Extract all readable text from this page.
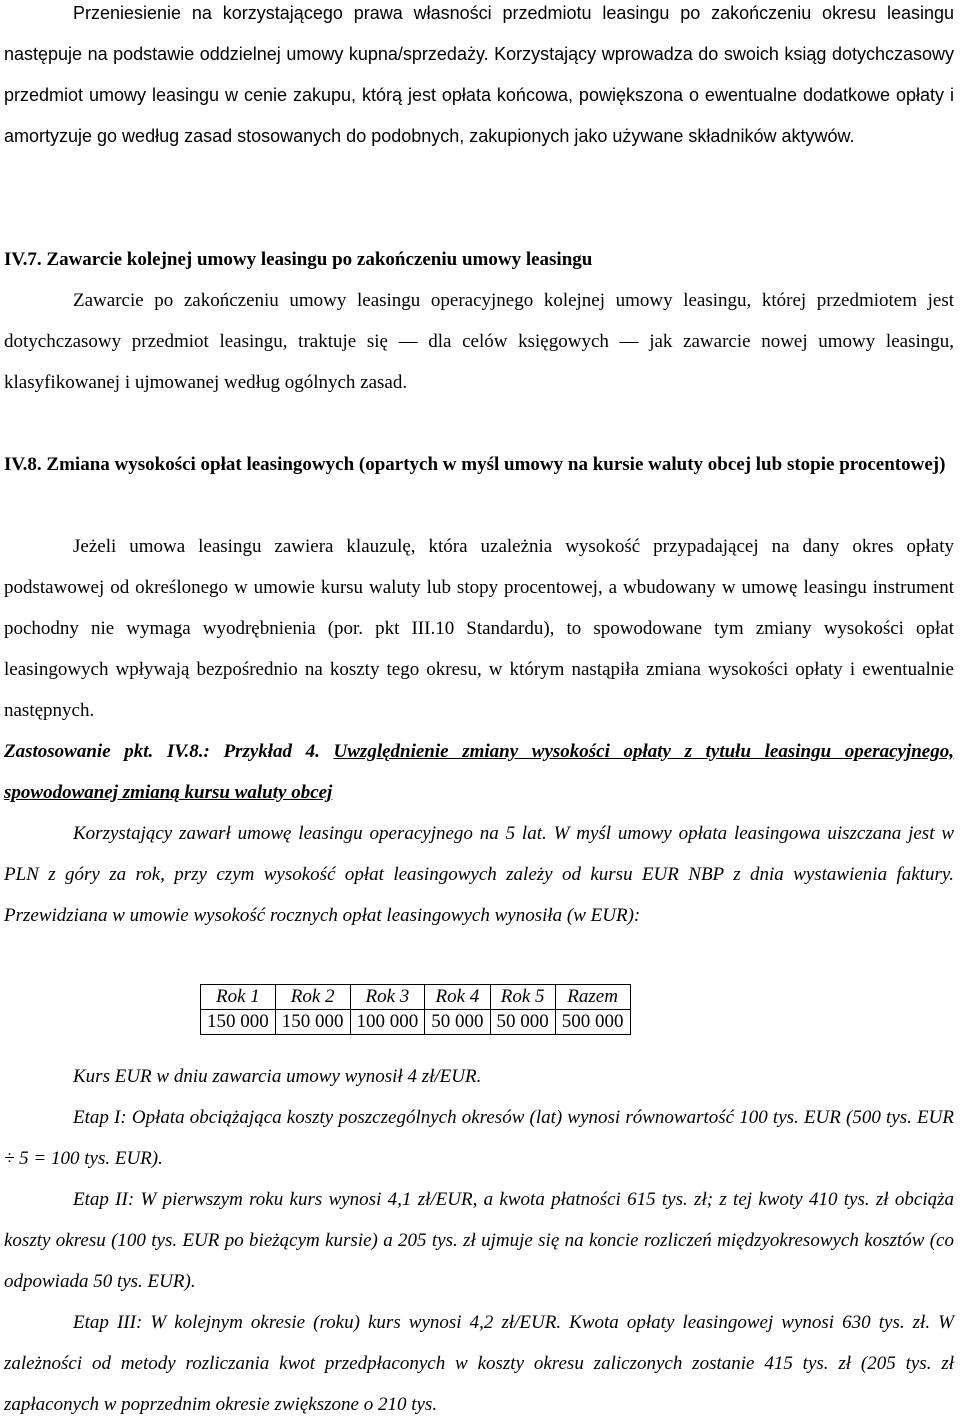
Przeniesienie na korzystającego prawa własności przedmiotu leasingu po zakończeniu okresu leasingu następuje na podstawie oddzielnej umowy kupna/sprzedaży. Korzystający wprowadza do swoich ksiąg dotychczasowy przedmiot umowy leasingu w cenie zakupu, którą jest opłata końcowa, powiększona o ewentualne dodatkowe opłaty i amortyzuje go według zasad stosowanych do podobnych, zakupionych jako używane składników aktywów.

IV.7. Zawarcie kolejnej umowy leasingu po zakończeniu umowy leasingu

Zawarcie po zakończeniu umowy leasingu operacyjnego kolejnej umowy leasingu, której przedmiotem jest dotychczasowy przedmiot leasingu, traktuje się — dla celów księgowych — jak zawarcie nowej umowy leasingu, klasyfikowanej i ujmowanej według ogólnych zasad.

IV.8. Zmiana wysokości opłat leasingowych (opartych w myśl umowy na kursie waluty obcej lub stopie procentowej)

Jeżeli umowa leasingu zawiera klauzulę, która uzależnia wysokość przypadającej na dany okres opłaty podstawowej od określonego w umowie kursu waluty lub stopy procentowej, a wbudowany w umowę leasingu instrument pochodny nie wymaga wyodrębnienia (por. pkt III.10 Standardu), to spowodowane tym zmiany wysokości opłat leasingowych wpływają bezpośrednio na koszty tego okresu, w którym nastąpiła zmiana wysokości opłaty i ewentualnie następnych.

Zastosowanie pkt. IV.8.: Przykład 4. Uwzględnienie zmiany wysokości opłaty z tytułu leasingu operacyjnego, spowodowanej zmianą kursu waluty obcej

Korzystający zawarł umowę leasingu operacyjnego na 5 lat. W myśl umowy opłata leasingowa uiszczana jest w PLN z góry za rok, przy czym wysokość opłat leasingowych zależy od kursu EUR NBP z dnia wystawienia faktury. Przewidziana w umowie wysokość rocznych opłat leasingowych wynosiła (w EUR):

Rok 1	Rok 2	Rok 3	Rok 4	Rok 5	Razem
150 000	150 000	100 000	50 000	50 000	500 000

Kurs EUR w dniu zawarcia umowy wynosił 4 zł/EUR.

Etap I: Opłata obciążająca koszty poszczególnych okresów (lat) wynosi równowartość 100 tys. EUR (500 tys. EUR ÷ 5 = 100 tys. EUR).

Etap II: W pierwszym roku kurs wynosi 4,1 zł/EUR, a kwota płatności 615 tys. zł; z tej kwoty 410 tys. zł obciąża koszty okresu (100 tys. EUR po bieżącym kursie) a 205 tys. zł ujmuje się na koncie rozliczeń międzyokresowych kosztów (co odpowiada 50 tys. EUR).

Etap III: W kolejnym okresie (roku) kurs wynosi 4,2 zł/EUR. Kwota opłaty leasingowej wynosi 630 tys. zł. W zależności od metody rozliczania kwot przedpłaconych w koszty okresu zaliczonych zostanie 415 tys. zł (205 tys. zł zapłaconych w poprzednim okresie zwiększone o 210 tys.
